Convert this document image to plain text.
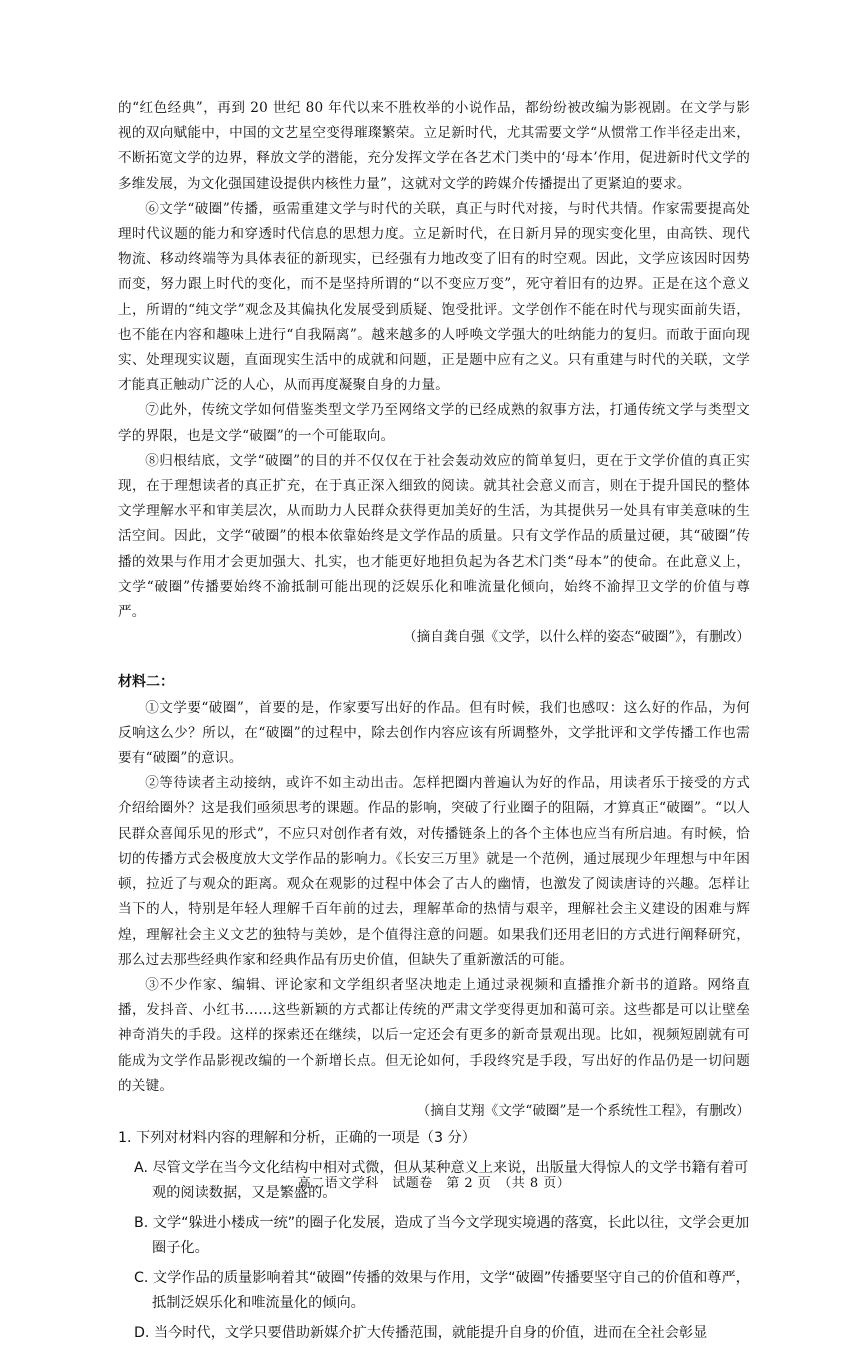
的“红色经典”，再到 20 世纪 80 年代以来不胜枚举的小说作品，都纷纷被改编为影视剧。在文学与影视的双向赋能中，中国的文艺星空变得璀璨繁荣。立足新时代，尤其需要文学“从惯常工作半径走出来，不断拓宽文学的边界，释放文学的潜能，充分发挥文学在各艺术门类中的‘母本’作用，促进新时代文学的多维发展，为文化强国建设提供内核性力量”，这就对文学的跨媒介传播提出了更紧迫的要求。

⑥文学“破圈”传播，亟需重建文学与时代的关联，真正与时代对接，与时代共情。作家需要提高处理时代议题的能力和穿透时代信息的思想力度。立足新时代，在日新月异的现实变化里，由高铁、现代物流、移动终端等为具体表征的新现实，已经强有力地改变了旧有的时空观。因此，文学应该因时因势而变，努力跟上时代的变化，而不是坚持所谓的“以不变应万变”，死守着旧有的边界。正是在这个意义上，所谓的“纯文学”观念及其偏执化发展受到质疑、饱受批评。文学创作不能在时代与现实面前失语，也不能在内容和趣味上进行“自我隔离”。越来越多的人呼唤文学强大的吐纳能力的复归。而敢于面向现实、处理现实议题，直面现实生活中的成就和问题，正是题中应有之义。只有重建与时代的关联，文学才能真正触动广泛的人心，从而再度凝聚自身的力量。

⑦此外，传统文学如何借鉴类型文学乃至网络文学的已经成熟的叙事方法，打通传统文学与类型文学的界限，也是文学“破圈”的一个可能取向。

⑧归根结底，文学“破圈”的目的并不仅仅在于社会轰动效应的简单复归，更在于文学价值的真正实现，在于理想读者的真正扩充，在于真正深入细致的阅读。就其社会意义而言，则在于提升国民的整体文学理解水平和审美层次，从而助力人民群众获得更加美好的生活，为其提供另一处具有审美意味的生活空间。因此，文学“破圈”的根本依靠始终是文学作品的质量。只有文学作品的质量过硬，其“破圈”传播的效果与作用才会更加强大、扎实，也才能更好地担负起为各艺术门类“母本”的使命。在此意义上，文学“破圈”传播要始终不渝抵制可能出现的泛娱乐化和唯流量化倾向，始终不渝捍卫文学的价值与尊严。

（摘自龚自强《文学，以什么样的姿态“破圈”》，有删改）

材料二：

①文学要“破圈”，首要的是，作家要写出好的作品。但有时候，我们也感叹：这么好的作品，为何反响这么少？所以，在“破圈”的过程中，除去创作内容应该有所调整外，文学批评和文学传播工作也需要有“破圈”的意识。

②等待读者主动接纳，或许不如主动出击。怎样把圈内普遍认为好的作品，用读者乐于接受的方式介绍给圈外？这是我们亟须思考的课题。作品的影响，突破了行业圈子的阻隔，才算真正“破圈”。“以人民群众喜闻乐见的形式”，不应只对创作者有效，对传播链条上的各个主体也应当有所启迪。有时候，恰切的传播方式会极度放大文学作品的影响力。《长安三万里》就是一个范例，通过展现少年理想与中年困顿，拉近了与观众的距离。观众在观影的过程中体会了古人的幽情，也激发了阅读唐诗的兴趣。怎样让当下的人，特别是年轻人理解千百年前的过去，理解革命的热情与艰辛，理解社会主义建设的困难与辉煌，理解社会主义文艺的独特与美妙，是个值得注意的问题。如果我们还用老旧的方式进行阐释研究，那么过去那些经典作家和经典作品有历史价值，但缺失了重新激活的可能。

③不少作家、编辑、评论家和文学组织者坚决地走上通过录视频和直播推介新书的道路。网络直播，发抖音、小红书……这些新颖的方式都让传统的严肃文学变得更加和蔼可亲。这些都是可以让壁垒神奇消失的手段。这样的探索还在继续，以后一定还会有更多的新奇景观出现。比如，视频短剧就有可能成为文学作品影视改编的一个新增长点。但无论如何，手段终究是手段，写出好的作品仍是一切问题的关键。

（摘自艾翔《文学“破圈”是一个系统性工程》，有删改）

1. 下列对材料内容的理解和分析，正确的一项是（3 分）

A. 尽管文学在当今文化结构中相对式微，但从某种意义上来说，出版量大得惊人的文学书籍有着可观的阅读数据，又是繁盛的。

B. 文学“躲进小楼成一统”的圈子化发展，造成了当今文学现实境遇的落寞，长此以往，文学会更加圈子化。

C. 文学作品的质量影响着其“破圈”传播的效果与作用，文学“破圈”传播要坚守自己的价值和尊严，抵制泛娱乐化和唯流量化的倾向。

D. 当今时代，文学只要借助新媒介扩大传播范围，就能提升自身的价值，进而在全社会彰显

高二语文学科　试题卷　第 2 页　（共 8 页）
